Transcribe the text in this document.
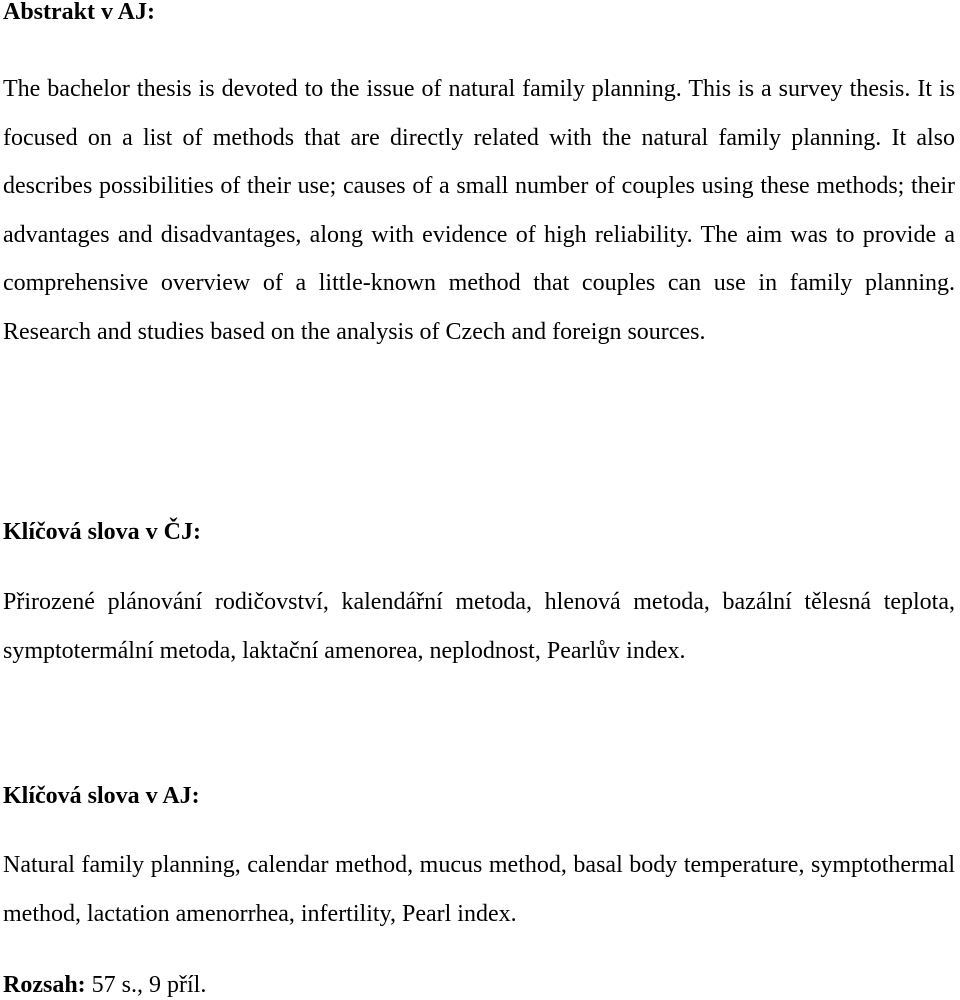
Abstrakt v AJ:
The bachelor thesis is devoted to the issue of natural family planning. This is a survey thesis. It is focused on a list of methods that are directly related with the natural family planning. It also describes possibilities of their use; causes of a small number of couples using these methods; their advantages and disadvantages, along with evidence of high reliability. The aim was to provide a comprehensive overview of a little-known method that couples can use in family planning. Research and studies based on the analysis of Czech and foreign sources.
Klíčová slova v ČJ:
Přirozené plánování rodičovství, kalendářní metoda, hlenová metoda, bazální tělesná teplota, symptotermální metoda, laktační amenorea, neplodnost, Pearlův index.
Klíčová slova v AJ:
Natural family planning, calendar method, mucus method, basal body temperature, symptothermal method, lactation amenorrhea, infertility, Pearl index.
Rozsah: 57 s., 9 příl.
